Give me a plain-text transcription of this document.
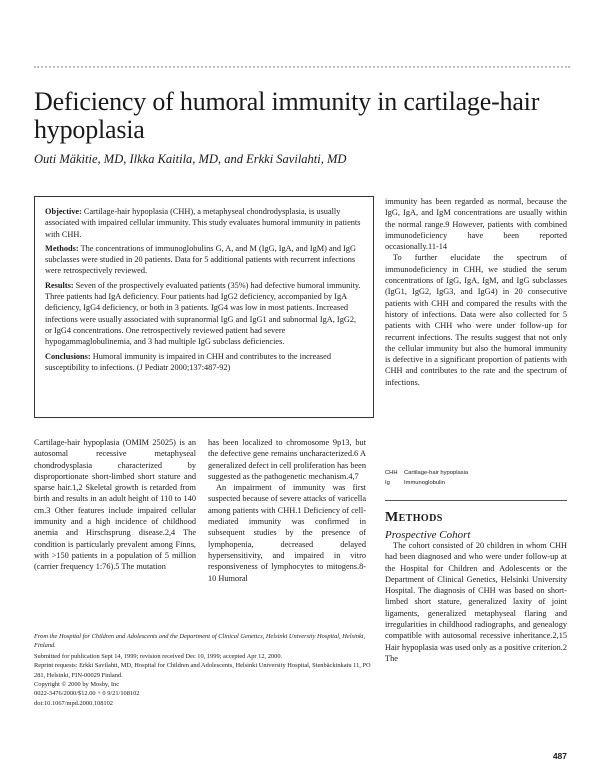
Deficiency of humoral immunity in cartilage-hair hypoplasia

Outi Mäkitie, MD, Ilkka Kaitila, MD, and Erkki Savilahti, MD

Objective: Cartilage-hair hypoplasia (CHH), a metaphyseal chondrodysplasia, is usually associated with impaired cellular immunity. This study evaluates humoral immunity in patients with CHH.

Methods: The concentrations of immunoglobulins G, A, and M (IgG, IgA, and IgM) and IgG subclasses were studied in 20 patients. Data for 5 additional patients with recurrent infections were retrospectively reviewed.

Results: Seven of the prospectively evaluated patients (35%) had defective humoral immunity. Three patients had IgA deficiency. Four patients had IgG2 deficiency, accompanied by IgA deficiency, IgG4 deficiency, or both in 3 patients. IgG4 was low in most patients. Increased infections were usually associated with supranormal IgG and IgG1 and subnormal IgA, IgG2, or IgG4 concentrations. One retrospectively reviewed patient had severe hypogammaglobulinemia, and 3 had multiple IgG subclass deficiencies.

Conclusions: Humoral immunity is impaired in CHH and contributes to the increased susceptibility to infections. (J Pediatr 2000;137:487-92)

Cartilage-hair hypoplasia (OMIM 25025) is an autosomal recessive metaphyseal chondrodysplasia characterized by disproportionate short-limbed short stature and sparse hair.1,2 Skeletal growth is retarded from birth and results in an adult height of 110 to 140 cm.3 Other features include impaired cellular immunity and a high incidence of childhood anemia and Hirschsprung disease.2,4 The condition is particularly prevalent among Finns, with >150 patients in a population of 5 million (carrier frequency 1:76).5 The mutation

has been localized to chromosome 9p13, but the defective gene remains uncharacterized.6 A generalized defect in cell proliferation has been suggested as the pathogenetic mechanism.4,7

An impairment of immunity was first suspected because of severe attacks of varicella among patients with CHH.1 Deficiency of cell-mediated immunity was confirmed in subsequent studies by the presence of lymphopenia, decreased delayed hypersensitivity, and impaired in vitro responsiveness of lymphocytes to mitogens.8-10 Humoral

immunity has been regarded as normal, because the IgG, IgA, and IgM concentrations are usually within the normal range.9 However, patients with combined immunodeficiency have been reported occasionally.11-14

To further elucidate the spectrum of immunodeficiency in CHH, we studied the serum concentrations of IgG, IgA, IgM, and IgG subclasses (IgG1, IgG2, IgG3, and IgG4) in 20 consecutive patients with CHH and compared the results with the history of infections. Data were also collected for 5 patients with CHH who were under follow-up for recurrent infections. The results suggest that not only the cellular immunity but also the humoral immunity is defective in a significant proportion of patients with CHH and contributes to the rate and the spectrum of infections.

CHH	Cartilage-hair hypoplasia
Ig	Immunoglobulin
Methods
Prospective Cohort

The cohort consisted of 20 children in whom CHH had been diagnosed and who were under follow-up at the Hospital for Children and Adolescents or the Department of Clinical Genetics, Helsinki University Hospital. The diagnosis of CHH was based on short-limbed short stature, generalized laxity of joint ligaments, generalized metaphyseal flaring and irregularities in childhood radiographs, and genealogy compatible with autosomal recessive inheritance.2,15 Hair hypoplasia was used only as a positive criterion.2 The

From the Hospital for Children and Adolescents and the Department of Clinical Genetics, Helsinki University Hospital, Helsinki, Finland.

Submitted for publication Sept 14, 1999; revision received Dec 10, 1999; accepted Apr 12, 2000.

Reprint requests: Erkki Savilahti, MD, Hospital for Children and Adolescents, Helsinki University Hospital, Stenbäckinkatu 11, PO 281, Helsinki, FIN-00029 Finland.

Copyright © 2000 by Mosby, Inc

0022-3476/2000/$12.00 + 0 9/21/108102

doi:10.1067/mpd.2000.108102

487
